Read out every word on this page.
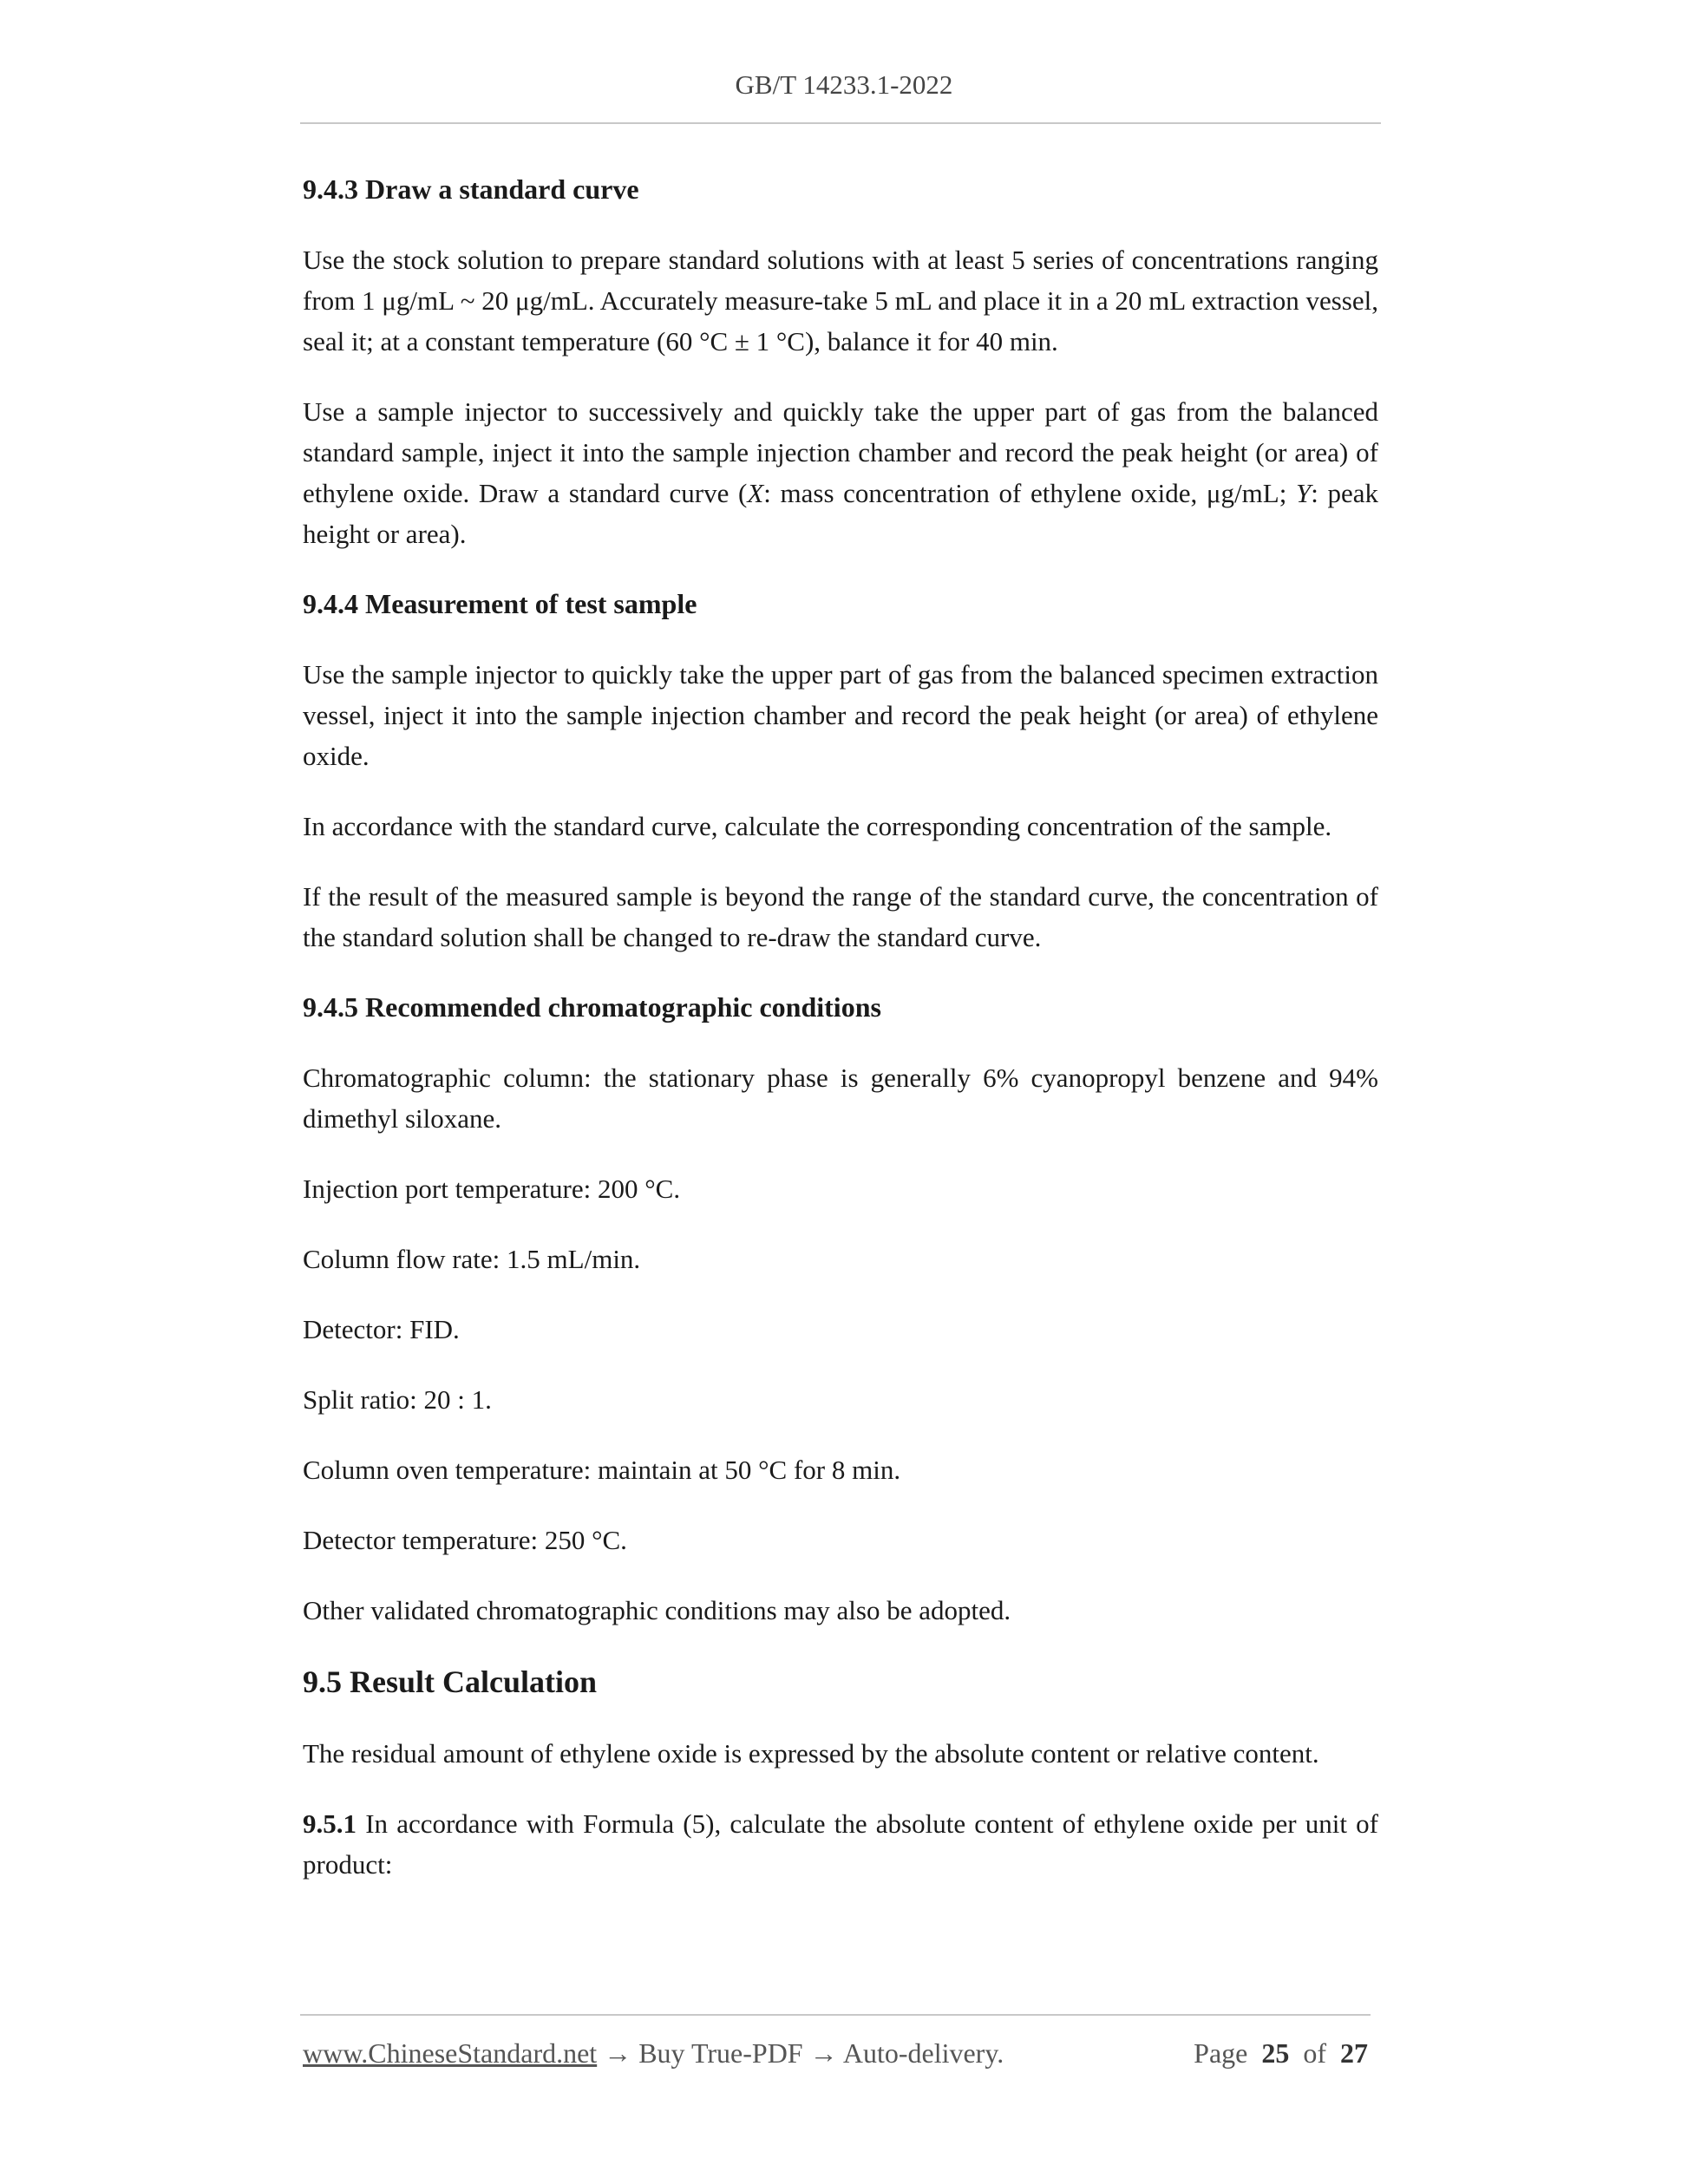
GB/T 14233.1-2022
9.4.3 Draw a standard curve

Use the stock solution to prepare standard solutions with at least 5 series of concentrations ranging from 1 μg/mL ~ 20 μg/mL. Accurately measure-take 5 mL and place it in a 20 mL extraction vessel, seal it; at a constant temperature (60 °C ± 1 °C), balance it for 40 min.

Use a sample injector to successively and quickly take the upper part of gas from the balanced standard sample, inject it into the sample injection chamber and record the peak height (or area) of ethylene oxide. Draw a standard curve (X: mass concentration of ethylene oxide, μg/mL; Y: peak height or area).

9.4.4 Measurement of test sample

Use the sample injector to quickly take the upper part of gas from the balanced specimen extraction vessel, inject it into the sample injection chamber and record the peak height (or area) of ethylene oxide.

In accordance with the standard curve, calculate the corresponding concentration of the sample.

If the result of the measured sample is beyond the range of the standard curve, the concentration of the standard solution shall be changed to re-draw the standard curve.

9.4.5 Recommended chromatographic conditions

Chromatographic column: the stationary phase is generally 6% cyanopropyl benzene and 94% dimethyl siloxane.

Injection port temperature: 200 °C.

Column flow rate: 1.5 mL/min.

Detector: FID.

Split ratio: 20 : 1.

Column oven temperature: maintain at 50 °C for 8 min.

Detector temperature: 250 °C.

Other validated chromatographic conditions may also be adopted.

9.5 Result Calculation

The residual amount of ethylene oxide is expressed by the absolute content or relative content.

9.5.1 In accordance with Formula (5), calculate the absolute content of ethylene oxide per unit of product:

www.ChineseStandard.net → Buy True-PDF → Auto-delivery.	Page 25 of 27
